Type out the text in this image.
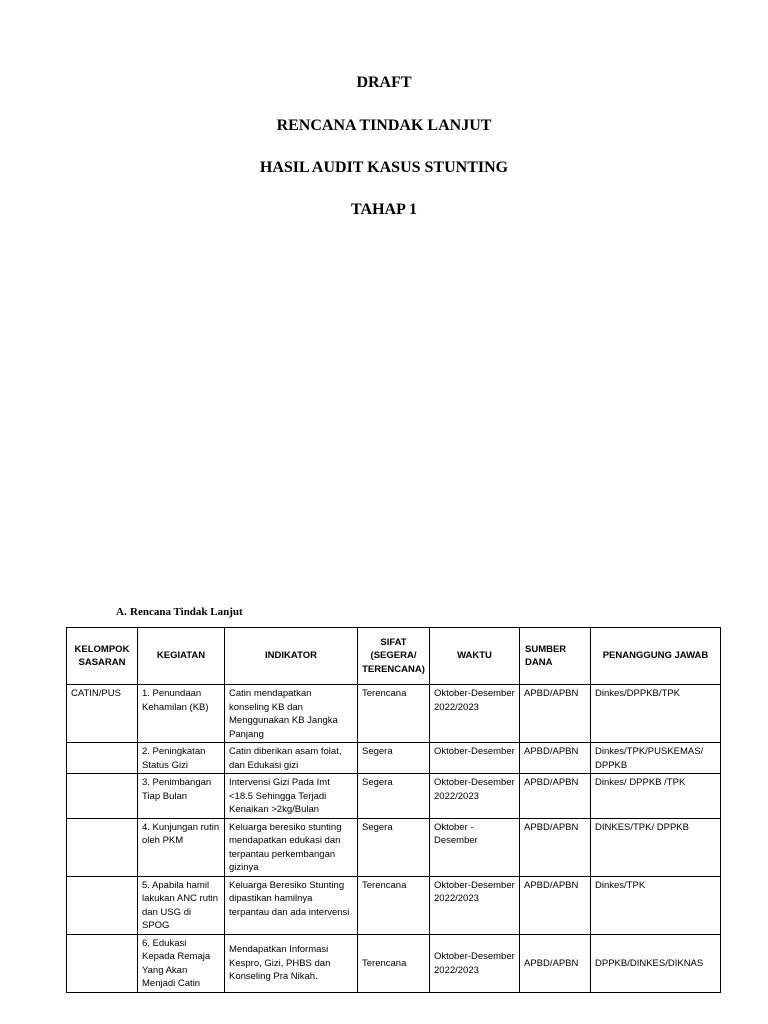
DRAFT
RENCANA TINDAK LANJUT
HASIL AUDIT KASUS STUNTING
TAHAP 1
A. Rencana Tindak Lanjut
KELOMPOK SASARAN	KEGIATAN	INDIKATOR	SIFAT (SEGERA/ TERENCANA)	WAKTU	SUMBER DANA	PENANGGUNG JAWAB
CATIN/PUS	1. Penundaan Kehamilan (KB)	Catin mendapatkan konseling KB dan Menggunakan KB Jangka Panjang	Terencana	Oktober-Desember 2022/2023	APBD/APBN	Dinkes/DPPKB/TPK
	2. Peningkatan Status Gizi	Catin diberikan asam folat, dan Edukasi gizi	Segera	Oktober-Desember	APBD/APBN	Dinkes/TPK/PUSKEMAS/ DPPKB
	3. Penimbangan Tiap Bulan	Intervensi Gizi Pada Imt <18.5 Sehingga Terjadi Kenaikan >2kg/Bulan	Segera	Oktober-Desember 2022/2023	APBD/APBN	Dinkes/ DPPKB /TPK
	4. Kunjungan rutin oleh PKM	Keluarga beresiko stunting mendapatkan edukasi dan terpantau perkembangan gizinya	Segera	Oktober - Desember	APBD/APBN	DINKES/TPK/ DPPKB
	5. Apabila hamil lakukan ANC rutin dan USG di SPOG	Keluarga Beresiko Stunting dipastikan hamilnya terpantau dan ada intervensi	Terencana	Oktober-Desember 2022/2023	APBD/APBN	Dinkes/TPK
	6. Edukasi Kepada Remaja Yang Akan Menjadi Catin	Mendapatkan Informasi Kespro, Gizi, PHBS dan Konseling Pra Nikah.	Terencana	Oktober-Desember 2022/2023	APBD/APBN	DPPKB/DINKES/DIKNAS
